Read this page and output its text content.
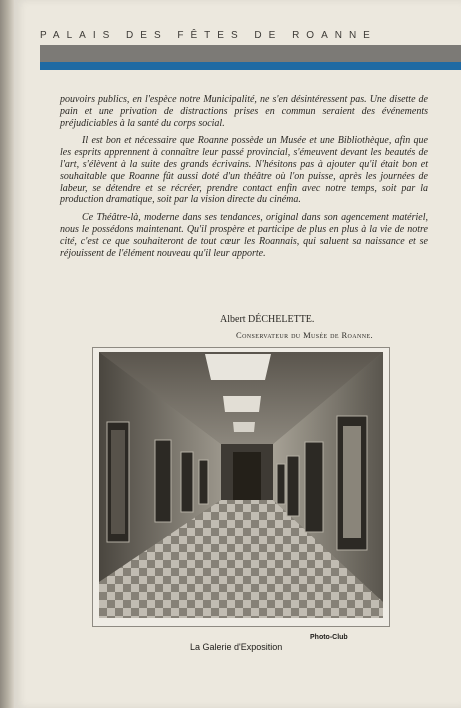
PALAIS DES FÊTES DE ROANNE

pouvoirs publics, en l'espèce notre Municipalité, ne s'en désintéressent pas. Une disette de pain et une privation de distractions prises en commun seraient des événements préjudiciables à la santé du corps social.

Il est bon et nécessaire que Roanne possède un Musée et une Bibliothèque, afin que les esprits apprennent à connaître leur passé provincial, s'émeuvent devant les beautés de l'art, s'élèvent à la suite des grands écrivains. N'hésitons pas à ajouter qu'il était bon et souhaitable que Roanne fût aussi doté d'un théâtre où l'on puisse, après les journées de labeur, se détendre et se récréer, prendre contact enfin avec notre temps, soit par la production dramatique, soit par la vision directe du cinéma.

Ce Théâtre-là, moderne dans ses tendances, original dans son agencement matériel, nous le possédons maintenant. Qu'il prospère et participe de plus en plus à la vie de notre cité, c'est ce que souhaiteront de tout cœur les Roannais, qui saluent sa naissance et se réjouissent de l'élément nouveau qu'il leur apporte.

Albert DÉCHELETTE.
Conservateur du Musée de Roanne.
Photo-Club
La Galerie d'Exposition
